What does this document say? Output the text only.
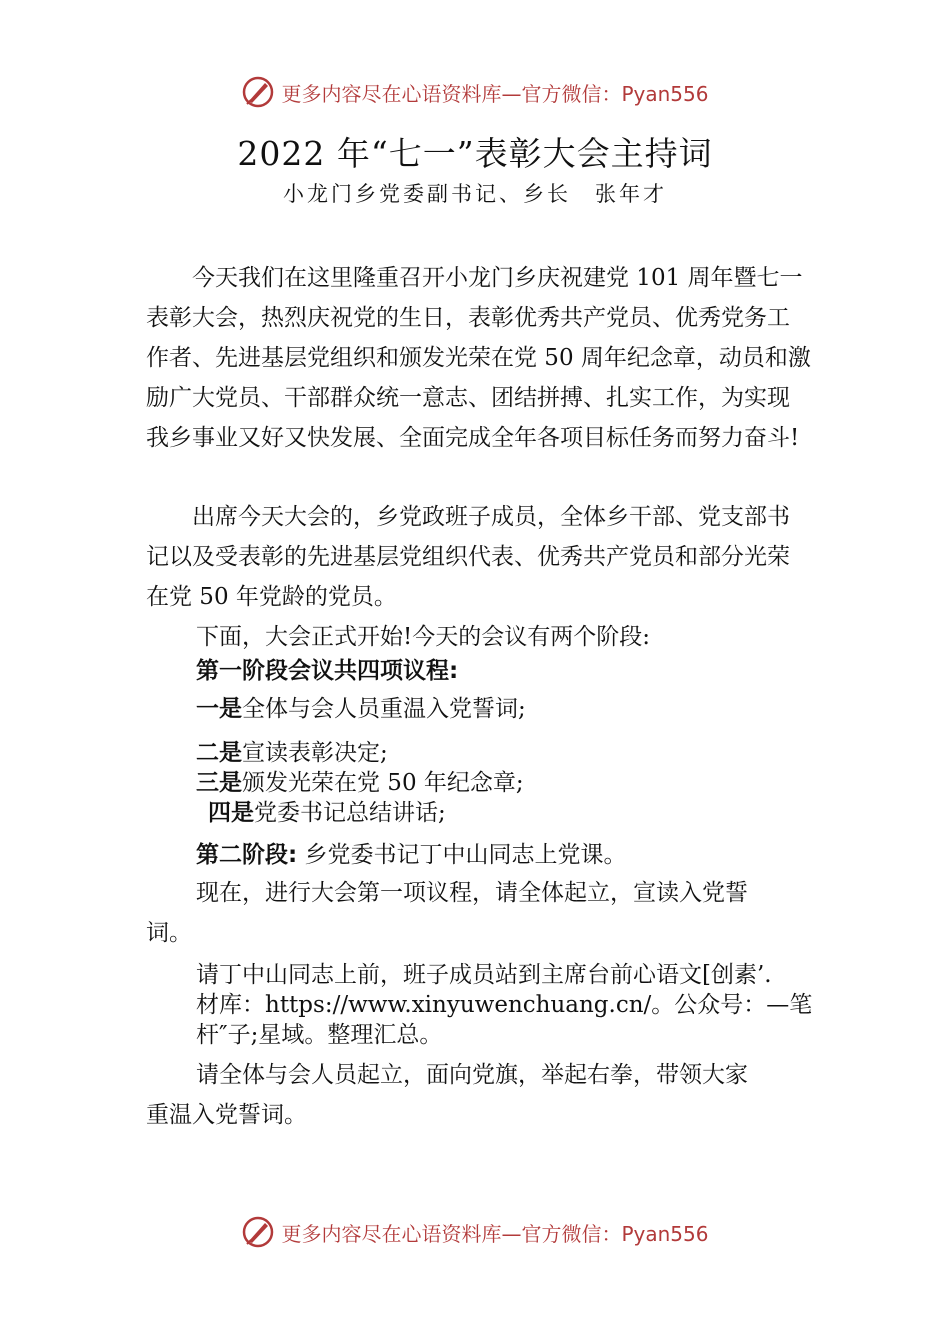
更多内容尽在心语资料库—官方微信：Pyan556
2022 年“七一”表彰大会主持词
小龙门乡党委副书记、乡长　张年才
今天我们在这里隆重召开小龙门乡庆祝建党 101 周年暨七一表彰大会，热烈庆祝党的生日，表彰优秀共产党员、优秀党务工作者、先进基层党组织和颁发光荣在党 50 周年纪念章，动员和激励广大党员、干部群众统一意志、团结拼搏、扎实工作，为实现我乡事业又好又快发展、全面完成全年各项目标任务而努力奋斗!
出席今天大会的，乡党政班子成员，全体乡干部、党支部书记以及受表彰的先进基层党组织代表、优秀共产党员和部分光荣在党 50 年党龄的党员。
下面，大会正式开始!今天的会议有两个阶段:
第一阶段会议共四项议程:
一是全体与会人员重温入党誓词;
二是宣读表彰决定;
三是颁发光荣在党 50 年纪念章;
四是党委书记总结讲话;
第二阶段: 乡党委书记丁中山同志上党课。
现在，进行大会第一项议程，请全体起立，宣读入党誓
词。
请丁中山同志上前，班子成员站到主席台前心语文[创素’.
材库：https://www.xinyuwenchuang.cn/。公众号：—笔
杆″子;星域。整理汇总。
请全体与会人员起立，面向党旗，举起右拳，带领大家
重温入党誓词。
更多内容尽在心语资料库—官方微信：Pyan556
